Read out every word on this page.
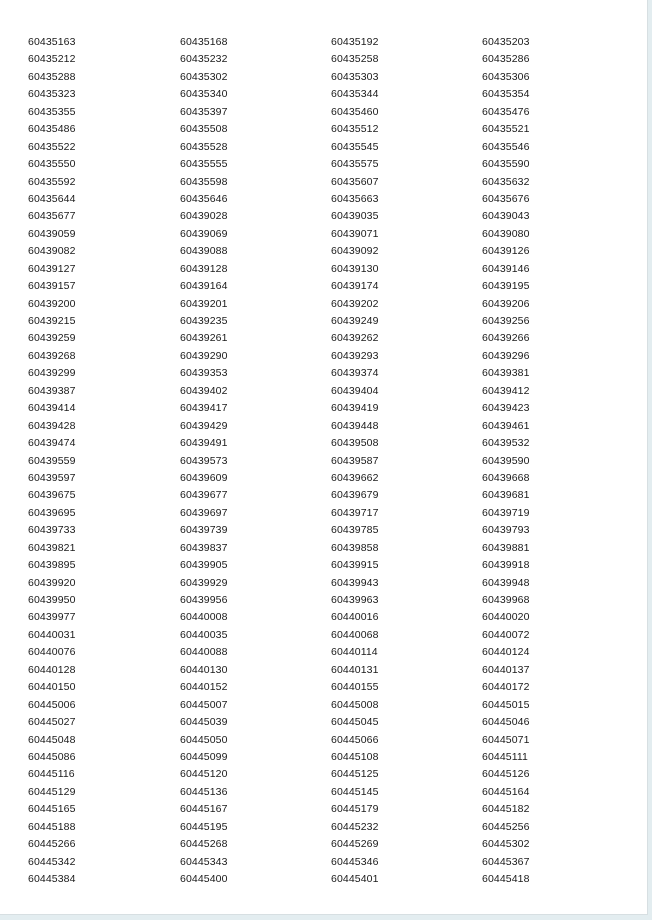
60435163	60435168	60435192	60435203
60435212	60435232	60435258	60435286
60435288	60435302	60435303	60435306
60435323	60435340	60435344	60435354
60435355	60435397	60435460	60435476
60435486	60435508	60435512	60435521
60435522	60435528	60435545	60435546
60435550	60435555	60435575	60435590
60435592	60435598	60435607	60435632
60435644	60435646	60435663	60435676
60435677	60439028	60439035	60439043
60439059	60439069	60439071	60439080
60439082	60439088	60439092	60439126
60439127	60439128	60439130	60439146
60439157	60439164	60439174	60439195
60439200	60439201	60439202	60439206
60439215	60439235	60439249	60439256
60439259	60439261	60439262	60439266
60439268	60439290	60439293	60439296
60439299	60439353	60439374	60439381
60439387	60439402	60439404	60439412
60439414	60439417	60439419	60439423
60439428	60439429	60439448	60439461
60439474	60439491	60439508	60439532
60439559	60439573	60439587	60439590
60439597	60439609	60439662	60439668
60439675	60439677	60439679	60439681
60439695	60439697	60439717	60439719
60439733	60439739	60439785	60439793
60439821	60439837	60439858	60439881
60439895	60439905	60439915	60439918
60439920	60439929	60439943	60439948
60439950	60439956	60439963	60439968
60439977	60440008	60440016	60440020
60440031	60440035	60440068	60440072
60440076	60440088	60440114	60440124
60440128	60440130	60440131	60440137
60440150	60440152	60440155	60440172
60445006	60445007	60445008	60445015
60445027	60445039	60445045	60445046
60445048	60445050	60445066	60445071
60445086	60445099	60445108	60445111
60445116	60445120	60445125	60445126
60445129	60445136	60445145	60445164
60445165	60445167	60445179	60445182
60445188	60445195	60445232	60445256
60445266	60445268	60445269	60445302
60445342	60445343	60445346	60445367
60445384	60445400	60445401	60445418
